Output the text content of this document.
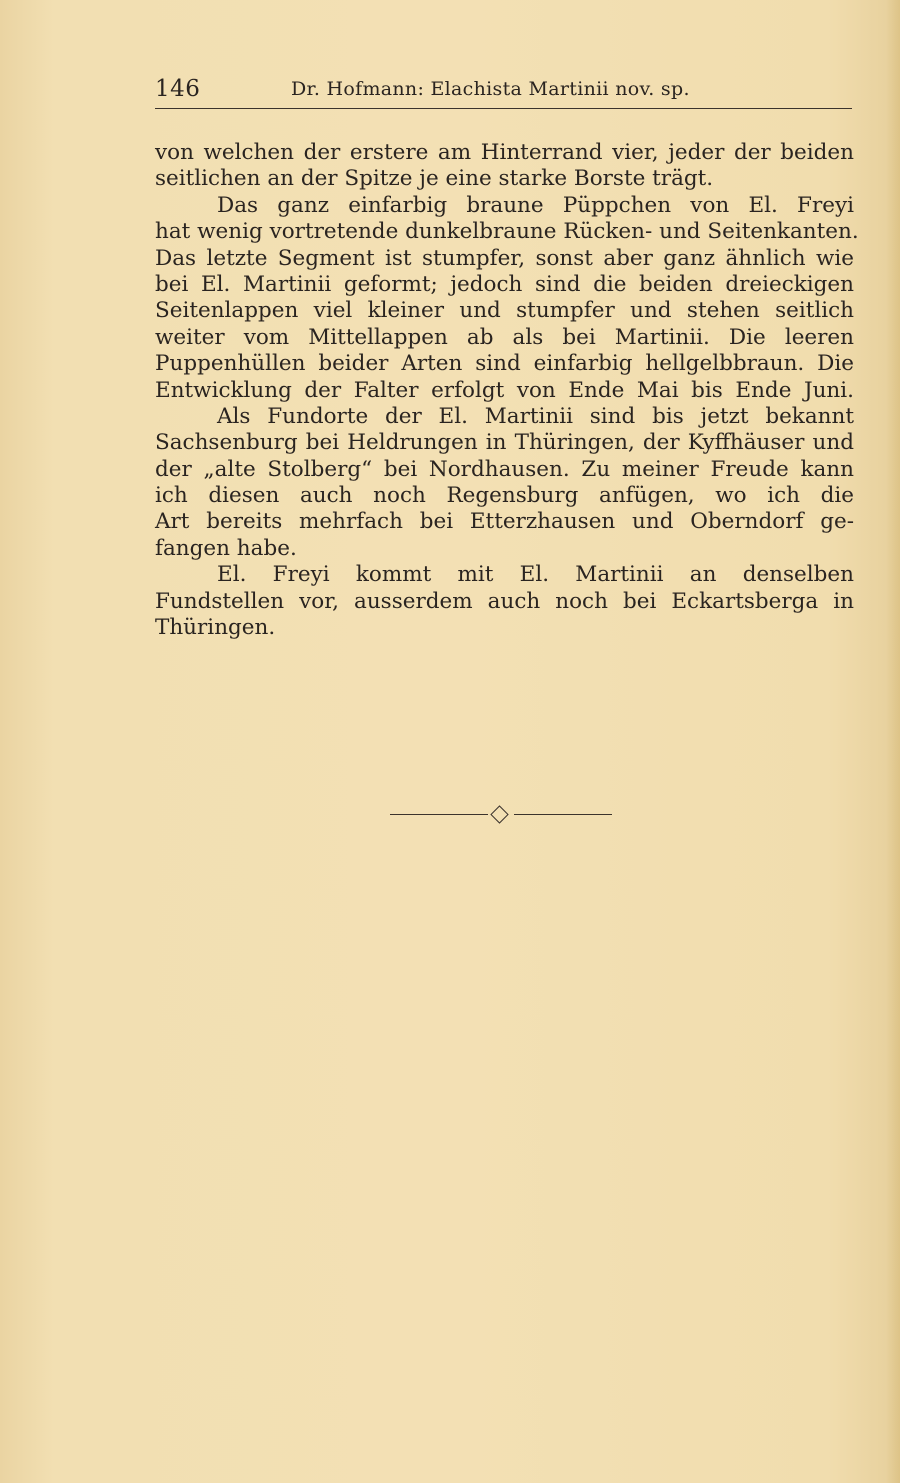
146	Dr. Hofmann: Elachista Martinii nov. sp.
von welchen der erstere am Hinterrand vier, jeder der beiden
seitlichen an der Spitze je eine starke Borste trägt.
Das ganz einfarbig braune Püppchen von El. Freyi
hat wenig vortretende dunkelbraune Rücken- und Seitenkanten.
Das letzte Segment ist stumpfer, sonst aber ganz ähnlich wie
bei El. Martinii geformt; jedoch sind die beiden dreieckigen
Seitenlappen viel kleiner und stumpfer und stehen seitlich
weiter vom Mittellappen ab als bei Martinii. Die leeren
Puppenhüllen beider Arten sind einfarbig hellgelbbraun. Die
Entwicklung der Falter erfolgt von Ende Mai bis Ende Juni.
Als Fundorte der El. Martinii sind bis jetzt bekannt
Sachsenburg bei Heldrungen in Thüringen, der Kyffhäuser und
der „alte Stolberg“ bei Nordhausen. Zu meiner Freude kann
ich diesen auch noch Regensburg anfügen, wo ich die
Art bereits mehrfach bei Etterzhausen und Oberndorf ge-
fangen habe.
El. Freyi kommt mit El. Martinii an denselben
Fundstellen vor, ausserdem auch noch bei Eckartsberga in
Thüringen.
